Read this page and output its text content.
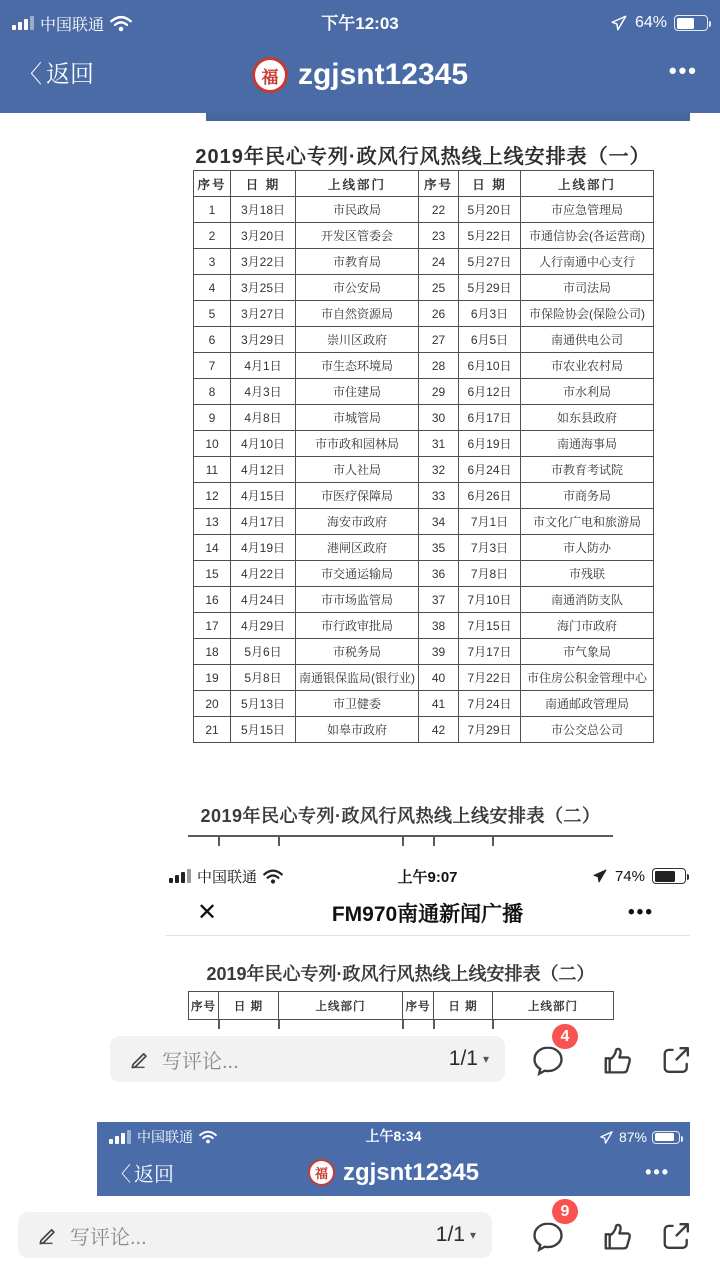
中国联通	下午12:03	64%
〈 返回	福 zgjsnt12345	•••
2019年民心专列·政风行风热线上线安排表（一）
序号	日 期	上线部门	序号	日 期	上线部门
1	3月18日	市民政局	22	5月20日	市应急管理局
2	3月20日	开发区管委会	23	5月22日	市通信协会(各运营商)
3	3月22日	市教育局	24	5月27日	人行南通中心支行
4	3月25日	市公安局	25	5月29日	市司法局
5	3月27日	市自然资源局	26	6月3日	市保险协会(保险公司)
6	3月29日	崇川区政府	27	6月5日	南通供电公司
7	4月1日	市生态环境局	28	6月10日	市农业农村局
8	4月3日	市住建局	29	6月12日	市水利局
9	4月8日	市城管局	30	6月17日	如东县政府
10	4月10日	市市政和园林局	31	6月19日	南通海事局
11	4月12日	市人社局	32	6月24日	市教育考试院
12	4月15日	市医疗保障局	33	6月26日	市商务局
13	4月17日	海安市政府	34	7月1日	市文化广电和旅游局
14	4月19日	港闸区政府	35	7月3日	市人防办
15	4月22日	市交通运输局	36	7月8日	市残联
16	4月24日	市市场监管局	37	7月10日	南通消防支队
17	4月29日	市行政审批局	38	7月15日	海门市政府
18	5月6日	市税务局	39	7月17日	市气象局
19	5月8日	南通银保监局(银行业)	40	7月22日	市住房公积金管理中心
20	5月13日	市卫健委	41	7月24日	南通邮政管理局
21	5月15日	如皋市政府	42	7月29日	市公交总公司
2019年民心专列·政风行风热线上线安排表（二）
中国联通	上午9:07	74%
✕	FM970南通新闻广播	•••
2019年民心专列·政风行风热线上线安排表（二）
序号	日 期	上线部门	序号	日 期	上线部门
写评论...	1/1 ▾
4
中国联通	上午8:34	87%
〈 返回	福 zgjsnt12345	•••
写评论...	1/1 ▾
9
